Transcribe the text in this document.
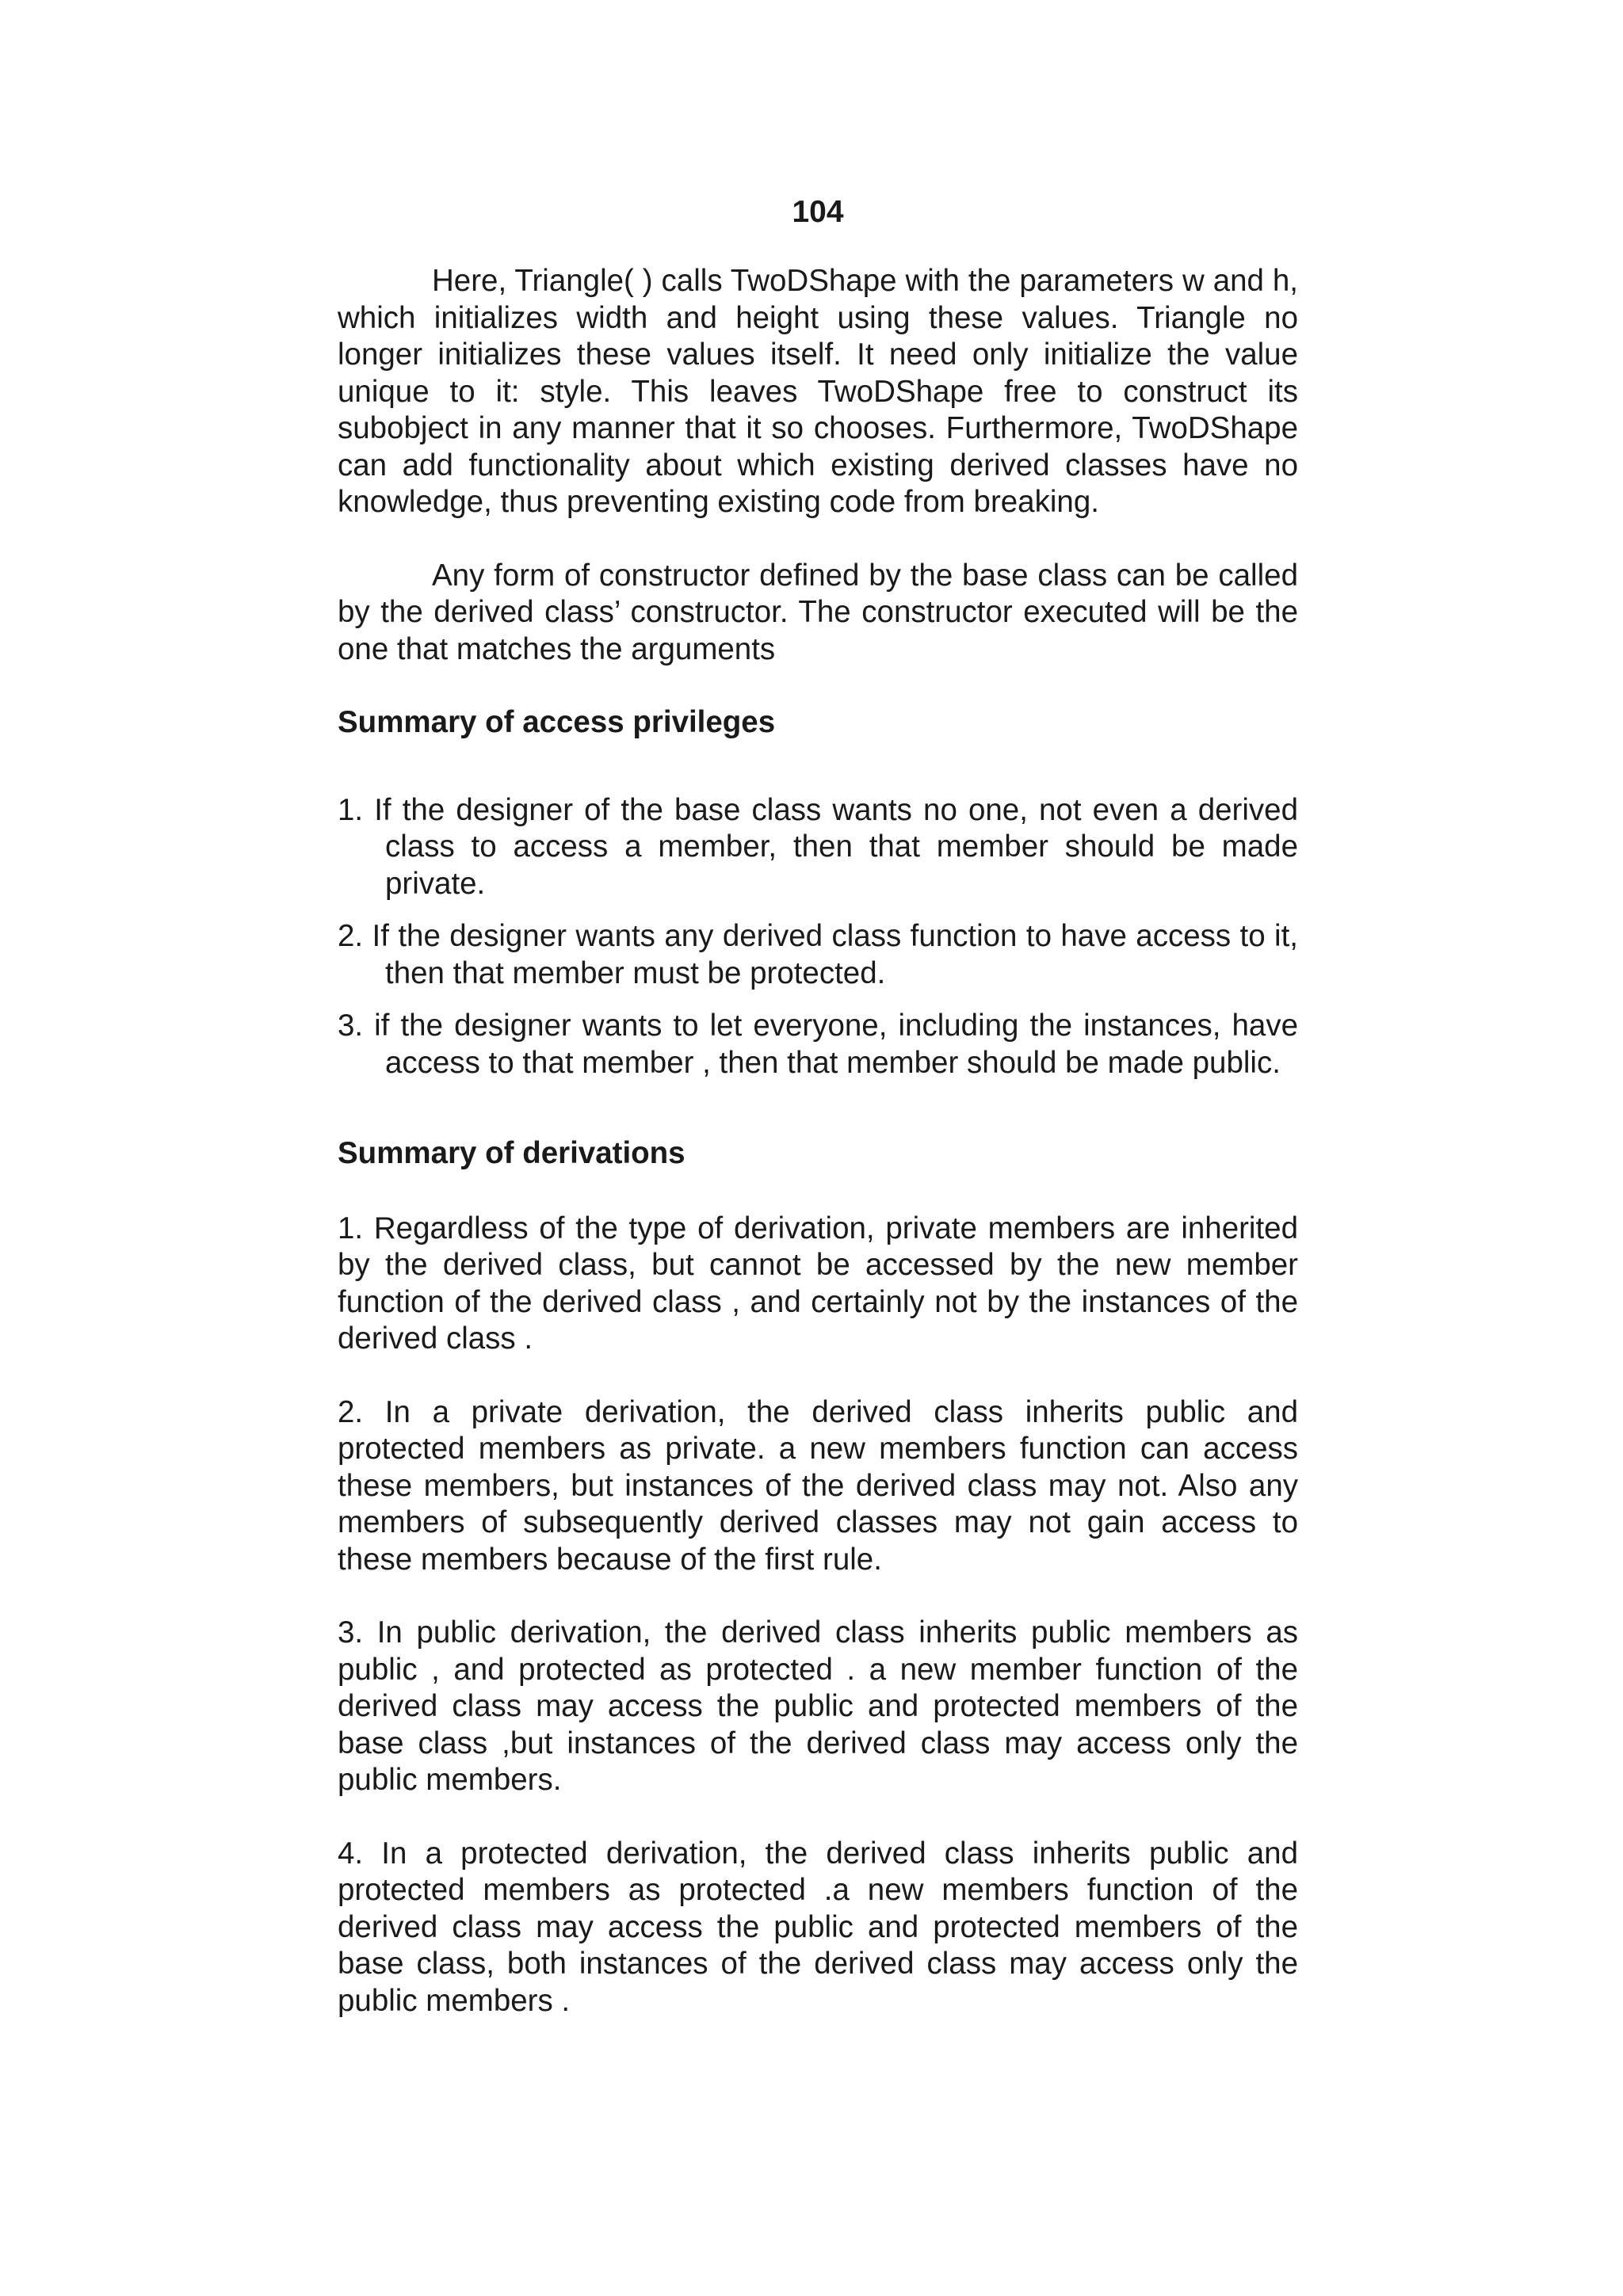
104

Here, Triangle( ) calls TwoDShape with the parameters w and h, which initializes width and height using these values. Triangle no longer initializes these values itself. It need only initialize the value unique to it: style. This leaves TwoDShape free to construct its subobject in any manner that it so chooses. Furthermore, TwoDShape can add functionality about which existing derived classes have no knowledge, thus preventing existing code from breaking.

Any form of constructor defined by the base class can be called by the derived class’ constructor. The constructor executed will be the one that matches the arguments

Summary of access privileges
1. If the designer of the base class wants no one, not even a derived class to access a member, then that member should be made private.
2. If the designer wants any derived class function to have access to it, then that member must be protected.
3. if the designer wants to let everyone, including the instances, have access to that member , then that member should be made public.
Summary of derivations

1. Regardless of the type of derivation, private members are inherited by the derived class, but cannot be accessed by the new member function of the derived class , and certainly not by the instances of the derived class .

2. In a private derivation, the derived class inherits public and protected members as private. a new members function can access these members, but instances of the derived class may not. Also any members of subsequently derived classes may not gain access to these members because of the first rule.

3. In public derivation, the derived class inherits public members as public , and protected as protected . a new member function of the derived class may access the public and protected members of the base class ,but instances of the derived class may access only the public members.

4. In a protected derivation, the derived class inherits public and protected members as protected .a new members function of the derived class may access the public and protected members of the base class, both instances of the derived class may access only the public members .
